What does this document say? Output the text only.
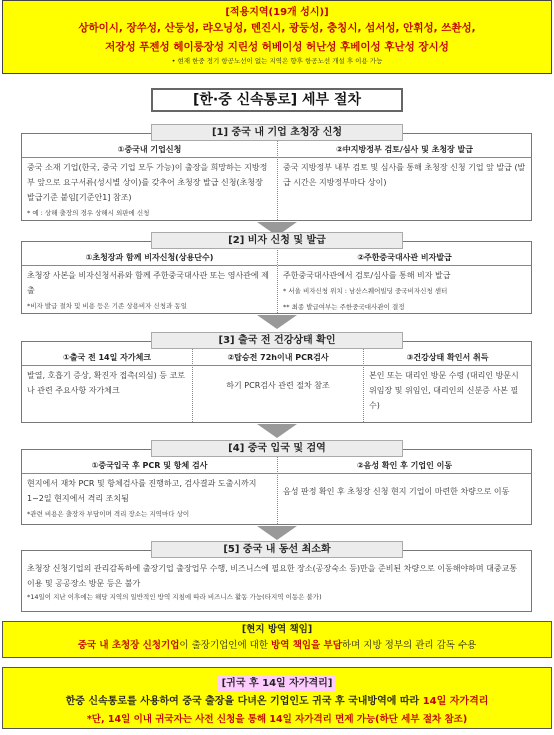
[적용지역(19개 성시)]
상하이시, 장쑤성, 산둥성, 랴오닝성, 톈진시, 광둥성, 충칭시, 섬서성, 안휘성, 쓰촨성,
저장성 푸젠성 헤이룽장성 지린성 허베이성 허난성 후베이성 후난성 장시성
• 현재 한중 정기 항공노선이 없는 지역은 향후 항공노선 개설 후 이용 가능
[한·중 신속통로] 세부 절차
[1] 중국 내 기업 초청장 신청
①중국내 기업신청
중국 소재 기업(한국, 중국 기업 모두 가능)이 출장을 희망하는 지방정부 앞으로 요구서류(성시별 상이)를 갖추어 초청장 발급 신청(초청장 발급기준 붙임[기준안1] 참조)
* 예 : 상해 출장의 경우 상해시 외판에 신청
②中지방정부 검토/심사 및 초청장 발급
중국 지방정부 내부 검토 및 심사를 통해 초청장 신청 기업 앞 발급 (발급 시간은 지방정부마다 상이)
[2] 비자 신청 및 발급
①초청장과 함께 비자신청(상용단수)
초청장 사본을 비자신청서류와 함께 주한중국대사관 또는 영사관에 제출
*비자 발급 절차 및 비용 등은 기존 상용비자 신청과 동일
②주한중국대사관 비자발급
주한중국대사관에서 검토/심사를 통해 비자 발급
* 서울 비자신청 위치 : 남산스퀘어빌딩 중국비자신청 센터
** 최종 발급여부는 주한중국대사관이 결정
[3] 출국 전 건강상태 확인
①출국 전 14일 자가체크
발열, 호흡기 증상, 확진자 접촉(의심) 등 코로나 관련 주요사항 자가체크
②탑승전 72h이내 PCR검사
하기 PCR검사 관련 절차 참조
③건강상태 확인서 취득
본인 또는 대리인 방문 수령 (대리인 방문시 위임장 및 위임인, 대리인의 신분증 사본 필수)
[4] 중국 입국 및 검역
①중국입국 후 PCR 및 항체 검사
현지에서 재차 PCR 및 항체검사를 진행하고, 검사결과 도출시까지 1~2일 현지에서 격리 조치됨
*관련 비용은 출장자 부담이며 격리 장소는 지역마다 상이
②음성 확인 후 기업인 이동
음성 판정 확인 후 초청장 신청 현지 기업이 마련한 차량으로 이동
[5] 중국 내 동선 최소화
초청장 신청기업의 관리감독하에 출장기업 출장업무 수행, 비즈니스에 필요한 장소(공장숙소 등)만을 준비된 차량으로 이동해야하며 대중교통 이용 및 공공장소 방문 등은 불가
*14일이 지난 이후에는 해당 지역의 일반적인 방역 지침에 따라 비즈니스 활동 가능(타지역 이동은 불가)
[현지 방역 책임]
중국 내 초청장 신청기업이 출장기업인에 대한 방역 책임을 부담하며 지방 정부의 관리 감독 수용
[귀국 후 14일 자가격리]
한중 신속통로를 사용하여 중국 출장을 다녀온 기업인도 귀국 후 국내방역에 따라 14일 자가격리
*단, 14일 이내 귀국자는 사전 신청을 통해 14일 자가격리 면제 가능(하단 세부 절차 참조)
